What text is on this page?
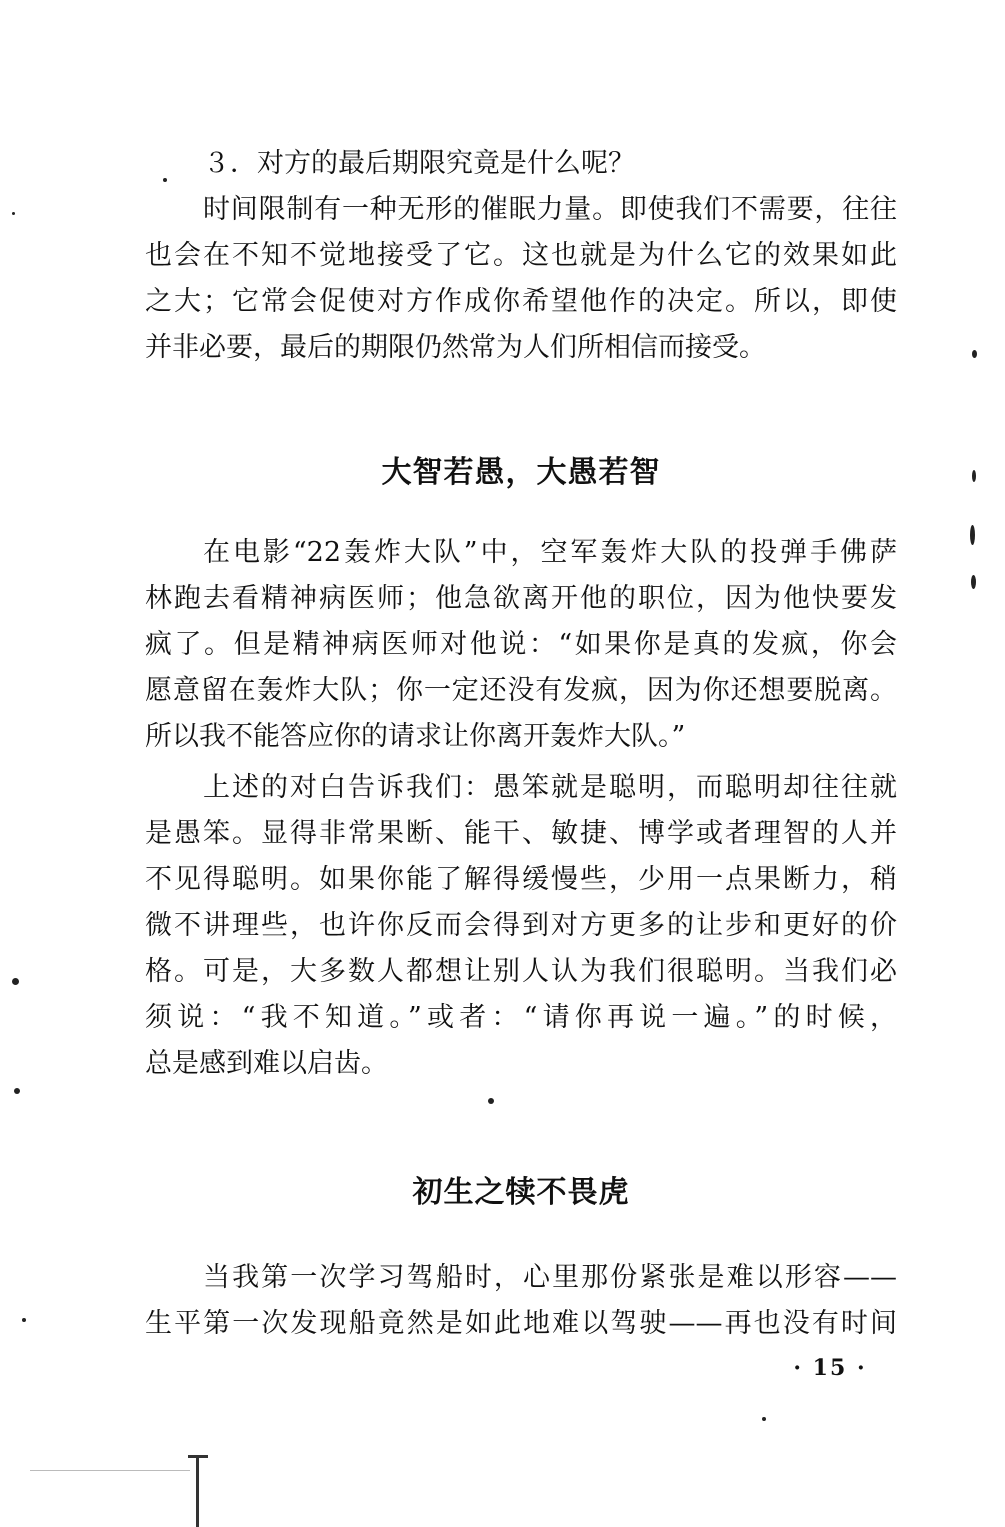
３．对方的最后期限究竟是什么呢？
时间限制有一种无形的催眠力量。即使我们不需要，往往
也会在不知不觉地接受了它。这也就是为什么它的效果如此
之大；它常会促使对方作成你希望他作的决定。所以，即使
并非必要，最后的期限仍然常为人们所相信而接受。
大智若愚，大愚若智
在电影“22轰炸大队”中，空军轰炸大队的投弹手佛萨
林跑去看精神病医师；他急欲离开他的职位，因为他快要发
疯了。但是精神病医师对他说：“如果你是真的发疯，你会
愿意留在轰炸大队；你一定还没有发疯，因为你还想要脱离。
所以我不能答应你的请求让你离开轰炸大队。”
上述的对白告诉我们：愚笨就是聪明，而聪明却往往就
是愚笨。显得非常果断、能干、敏捷、博学或者理智的人并
不见得聪明。如果你能了解得缓慢些，少用一点果断力，稍
微不讲理些，也许你反而会得到对方更多的让步和更好的价
格。可是，大多数人都想让别人认为我们很聪明。当我们必
须说：“我不知道。”或者：“请你再说一遍。”的时候，
总是感到难以启齿。
初生之犊不畏虎
当我第一次学习驾船时，心里那份紧张是难以形容——
生平第一次发现船竟然是如此地难以驾驶——再也没有时间
· 15 ·
